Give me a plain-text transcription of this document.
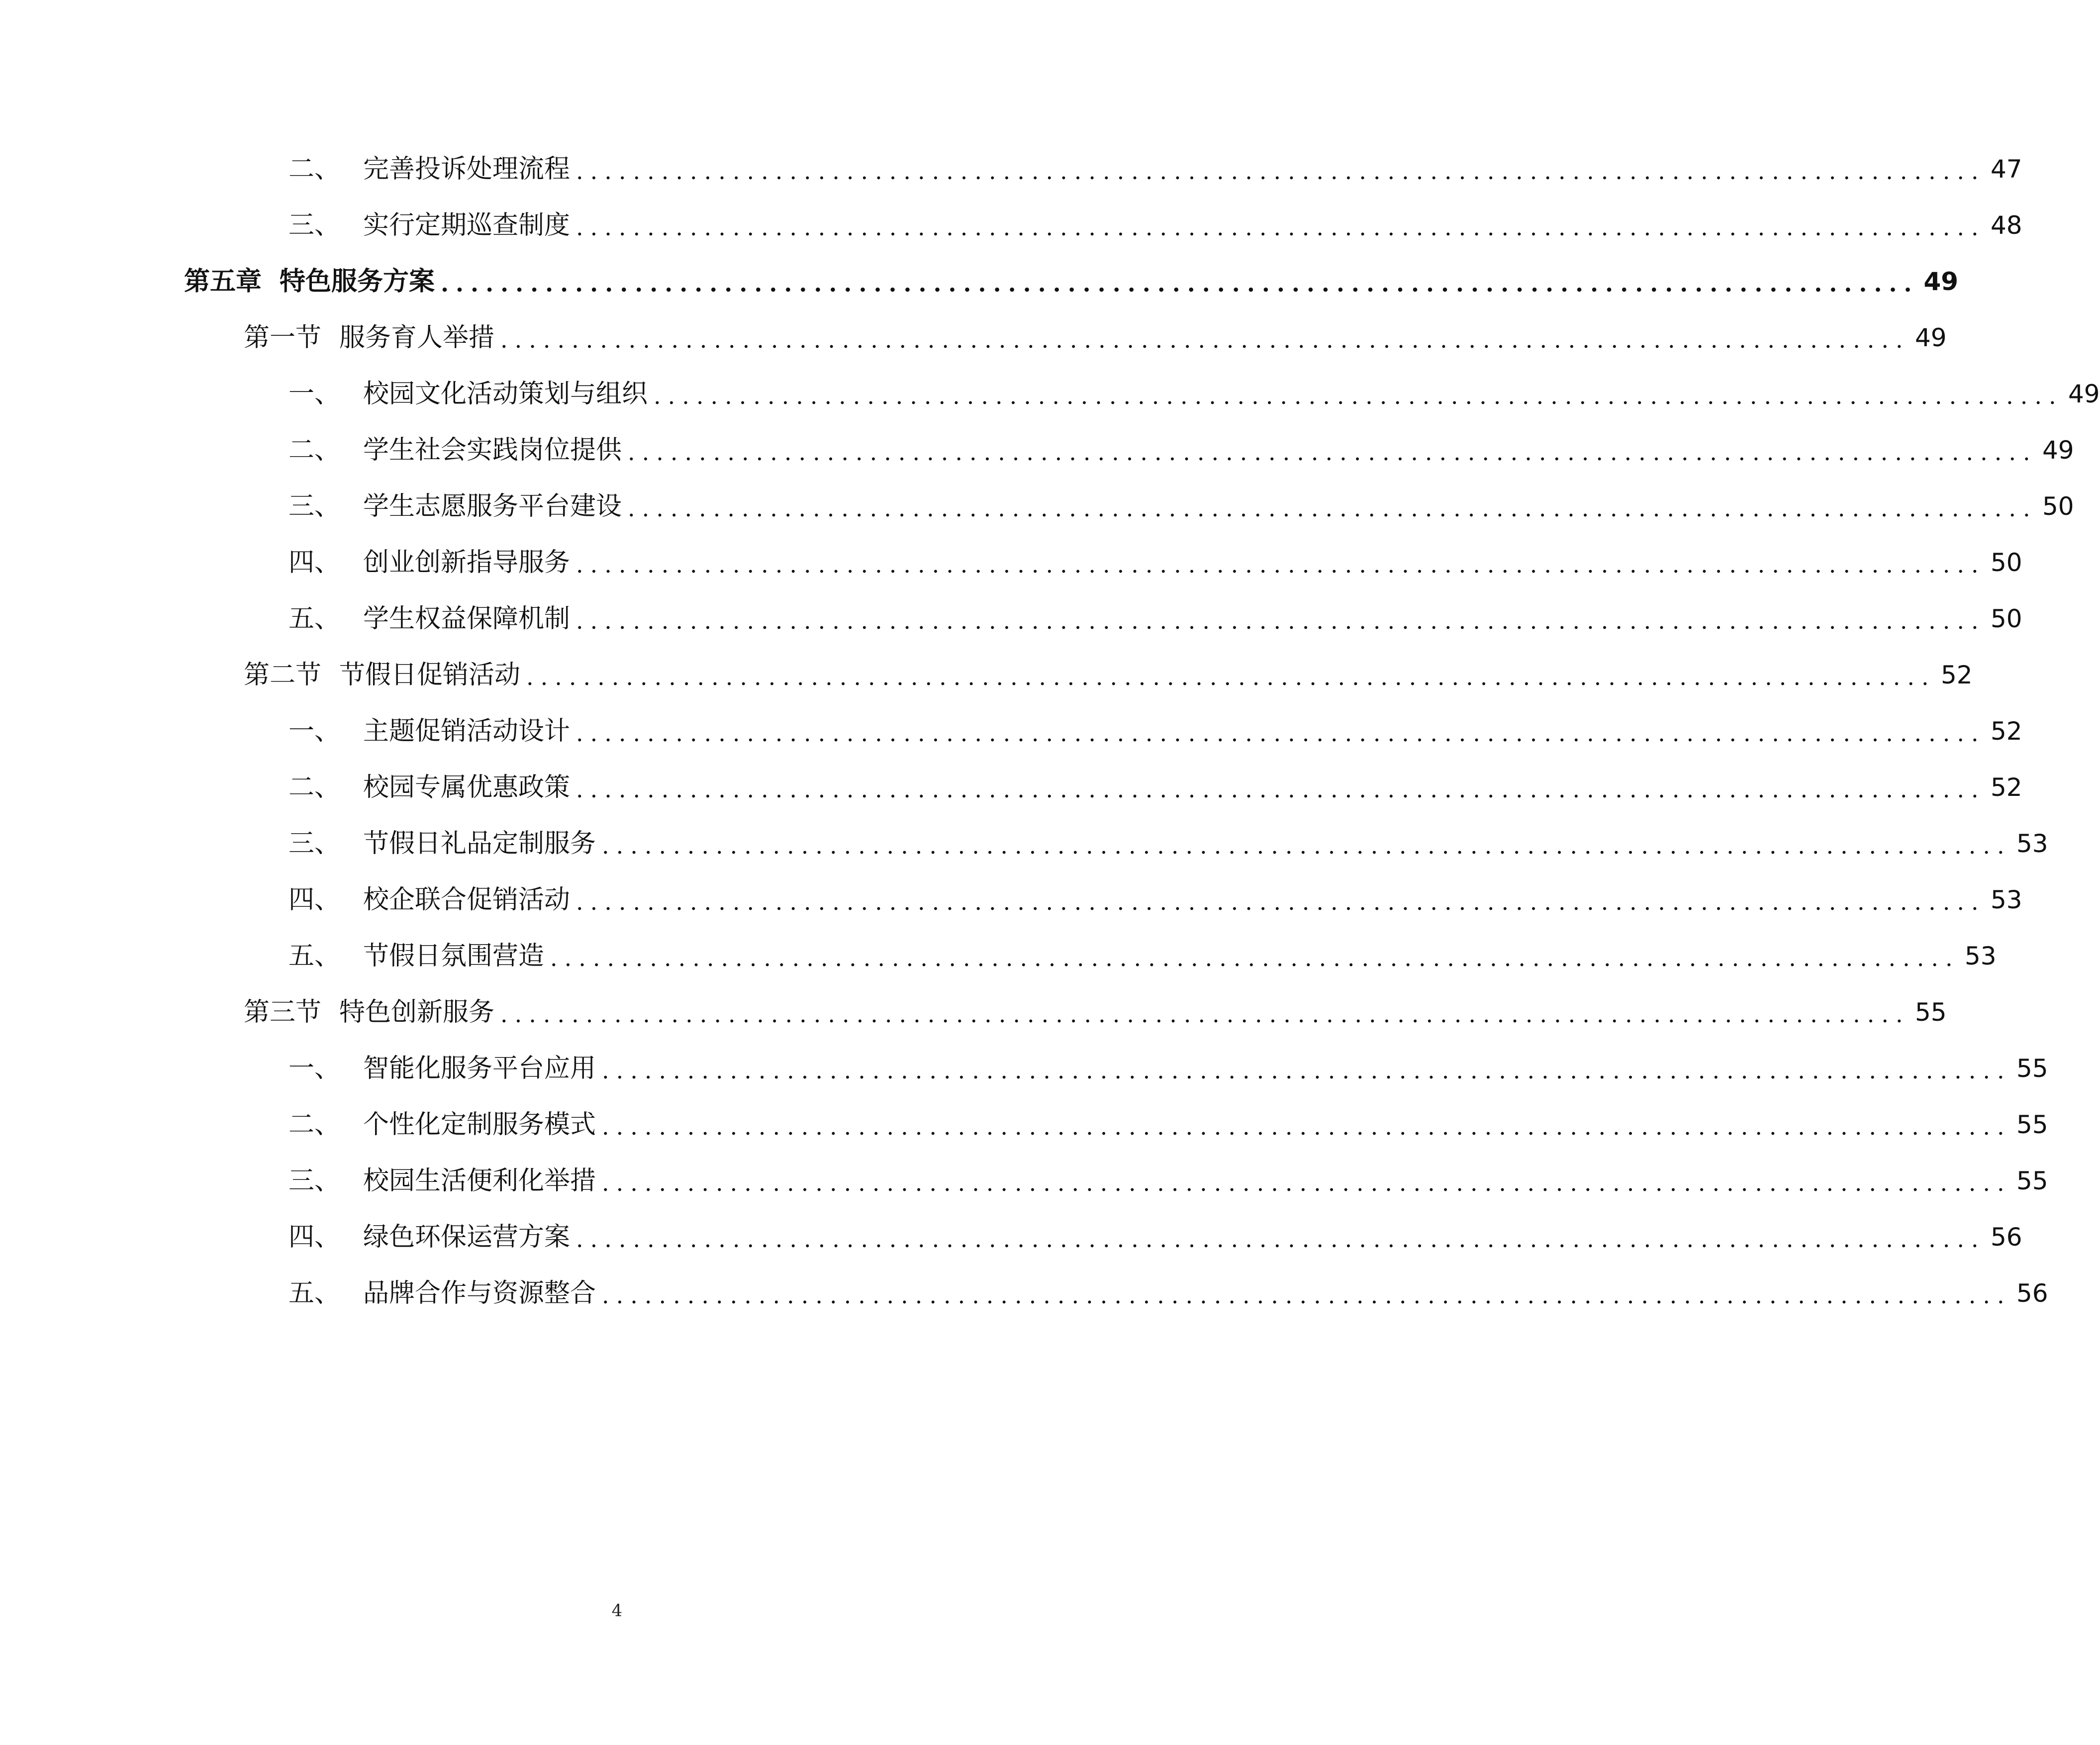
二、 完善投诉处理流程 ................................................................................................... 47
三、 实行定期巡查制度 ................................................................................................... 48
第五章 特色服务方案 ................................................................................................... 49
第一节 服务育人举措 ................................................................................................... 49
一、 校园文化活动策划与组织 ................................................................................................... 49
二、 学生社会实践岗位提供 ................................................................................................... 49
三、 学生志愿服务平台建设 ................................................................................................... 50
四、 创业创新指导服务 ................................................................................................... 50
五、 学生权益保障机制 ................................................................................................... 50
第二节 节假日促销活动 ................................................................................................... 52
一、 主题促销活动设计 ................................................................................................... 52
二、 校园专属优惠政策 ................................................................................................... 52
三、 节假日礼品定制服务 ................................................................................................... 53
四、 校企联合促销活动 ................................................................................................... 53
五、 节假日氛围营造 ................................................................................................... 53
第三节 特色创新服务 ................................................................................................... 55
一、 智能化服务平台应用 ................................................................................................... 55
二、 个性化定制服务模式 ................................................................................................... 55
三、 校园生活便利化举措 ................................................................................................... 55
四、 绿色环保运营方案 ................................................................................................... 56
五、 品牌合作与资源整合 ................................................................................................... 56
4
